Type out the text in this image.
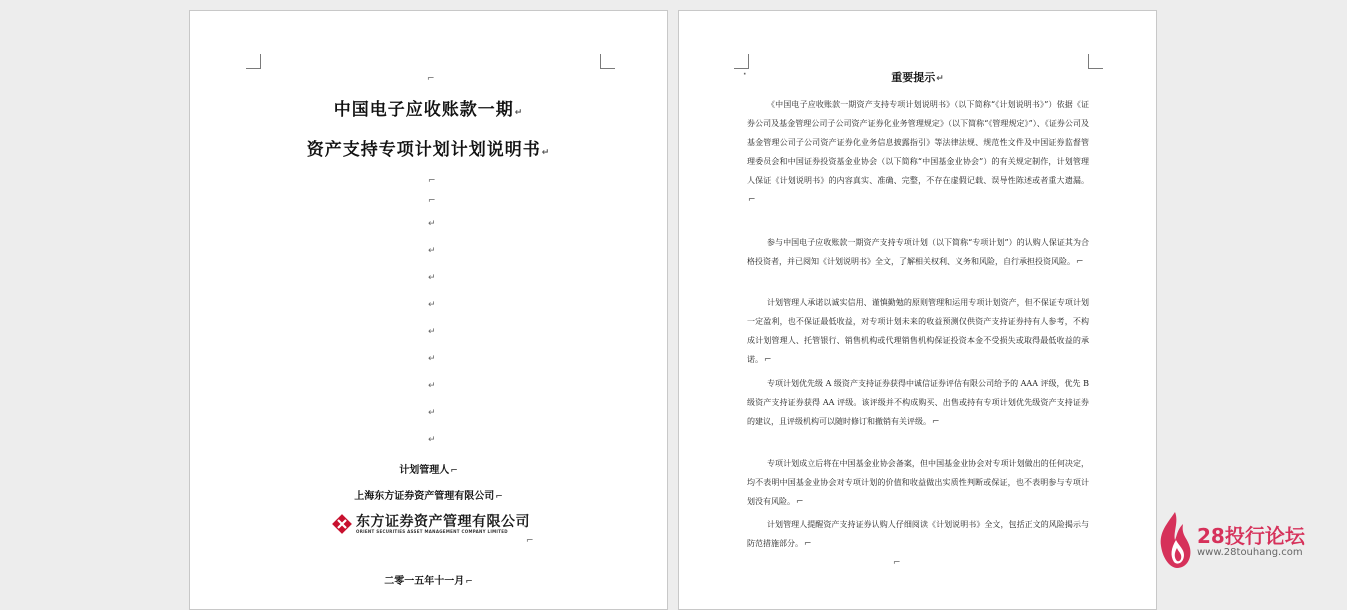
⌐
中国电子应收账款一期↵
资产支持专项计划计划说明书↵
⌐
⌐
↵
↵
↵
↵
↵
↵
↵
↵
↵
计划管理人⌐
上海东方证券资产管理有限公司⌐
东方证券资产管理有限公司
ORIENT SECURITIES ASSET MANAGEMENT COMPANY LIMITED
⌐
二零一五年十一月⌐
·	重要提示↵
《中国电子应收账款一期资产支持专项计划说明书》（以下简称“《计划说明书》”）依据《证券公司及基金管理公司子公司资产证券化业务管理规定》（以下简称“《管理规定》”）、《证券公司及基金管理公司子公司资产证券化业务信息披露指引》等法律法规、规范性文件及中国证券监督管理委员会和中国证券投资基金业协会（以下简称“中国基金业协会”）的有关规定制作，计划管理人保证《计划说明书》的内容真实、准确、完整，不存在虚假记载、误导性陈述或者重大遗漏。⌐
参与中国电子应收账款一期资产支持专项计划（以下简称“专项计划”）的认购人保证其为合格投资者，并已阅知《计划说明书》全文，了解相关权利、义务和风险，自行承担投资风险。⌐
计划管理人承诺以诚实信用、谨慎勤勉的原则管理和运用专项计划资产，但不保证专项计划一定盈利，也不保证最低收益，对专项计划未来的收益预测仅供资产支持证券持有人参考，不构成计划管理人、托管银行、销售机构或代理销售机构保证投资本金不受损失或取得最低收益的承诺。⌐
专项计划优先级 A 级资产支持证券获得中诚信证券评估有限公司给予的 AAA 评级，优先 B 级资产支持证券获得 AA 评级。该评级并不构成购买、出售或持有专项计划优先级资产支持证券的建议，且评级机构可以随时修订和撤销有关评级。⌐
专项计划成立后将在中国基金业协会备案，但中国基金业协会对专项计划做出的任何决定，均不表明中国基金业协会对专项计划的价值和收益做出实质性判断或保证，也不表明参与专项计划没有风险。⌐
计划管理人提醒资产支持证券认购人仔细阅读《计划说明书》全文，包括正文的风险揭示与防范措施部分。⌐
⌐
28投行论坛
www.28touhang.com
